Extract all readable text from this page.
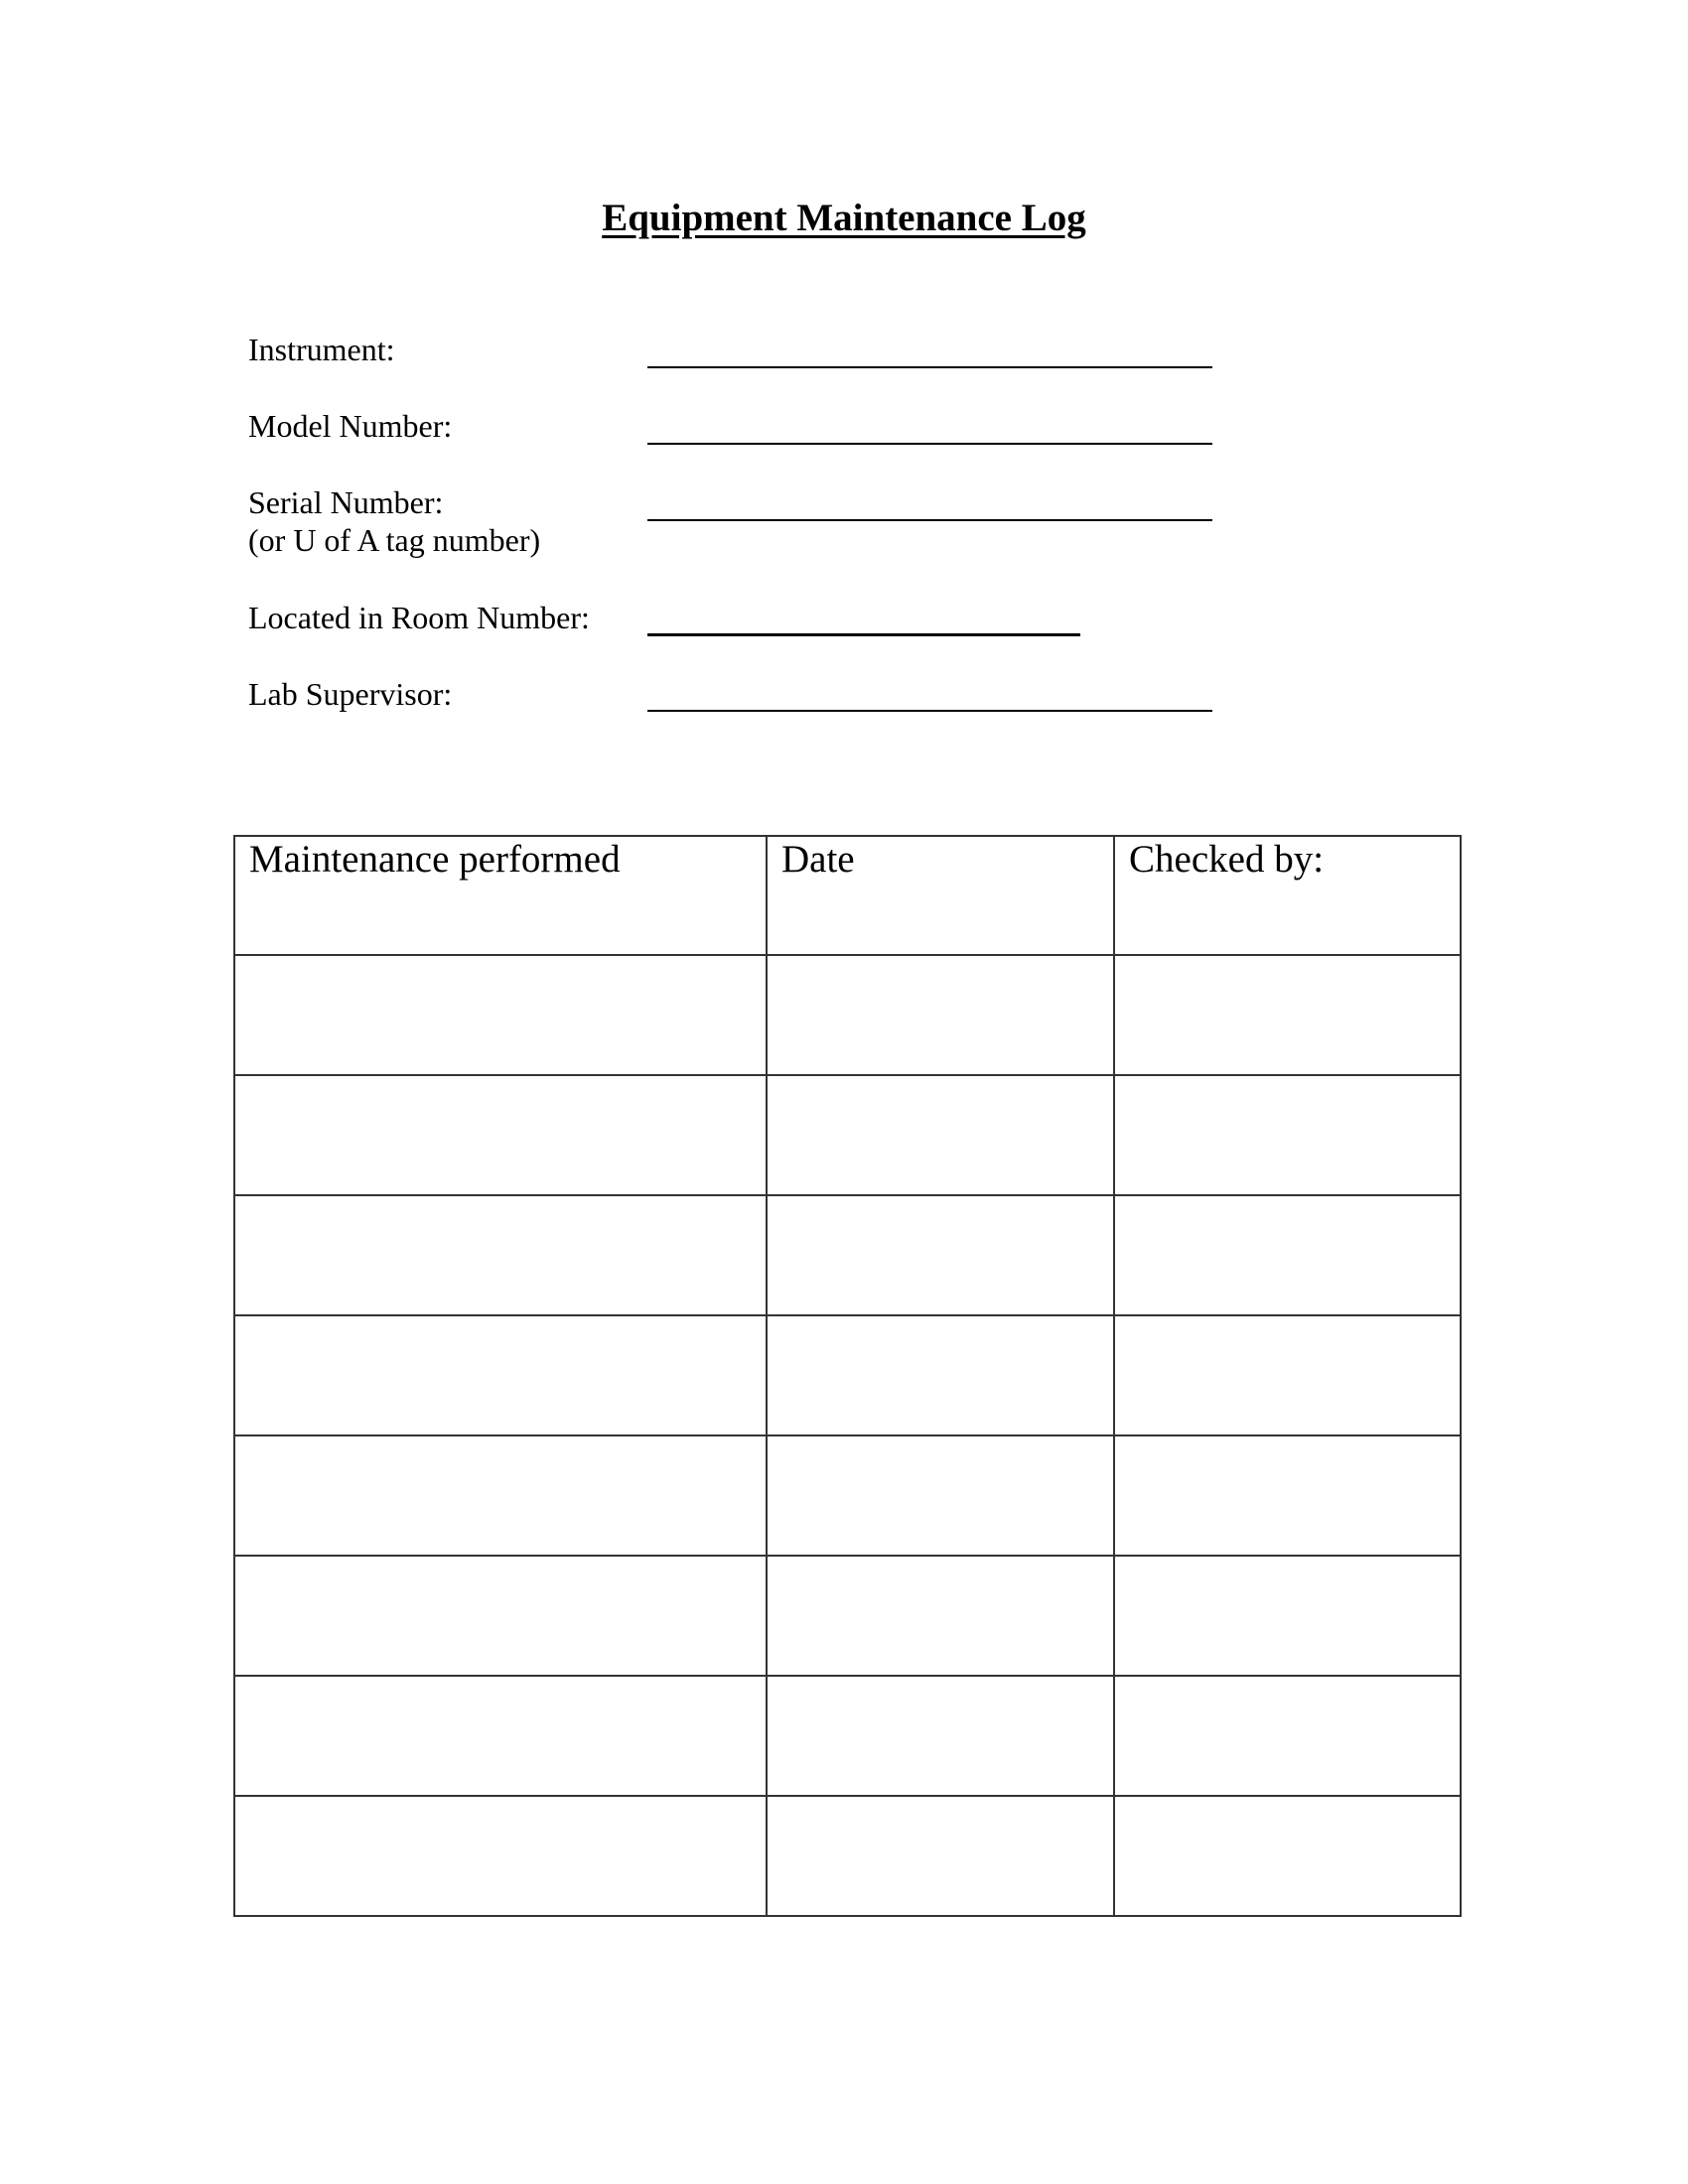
Equipment Maintenance Log
Instrument:
Model Number:
Serial Number:
(or U of A tag number)
Located in Room Number:
Lab Supervisor:
Maintenance performed	Date	Checked by:
